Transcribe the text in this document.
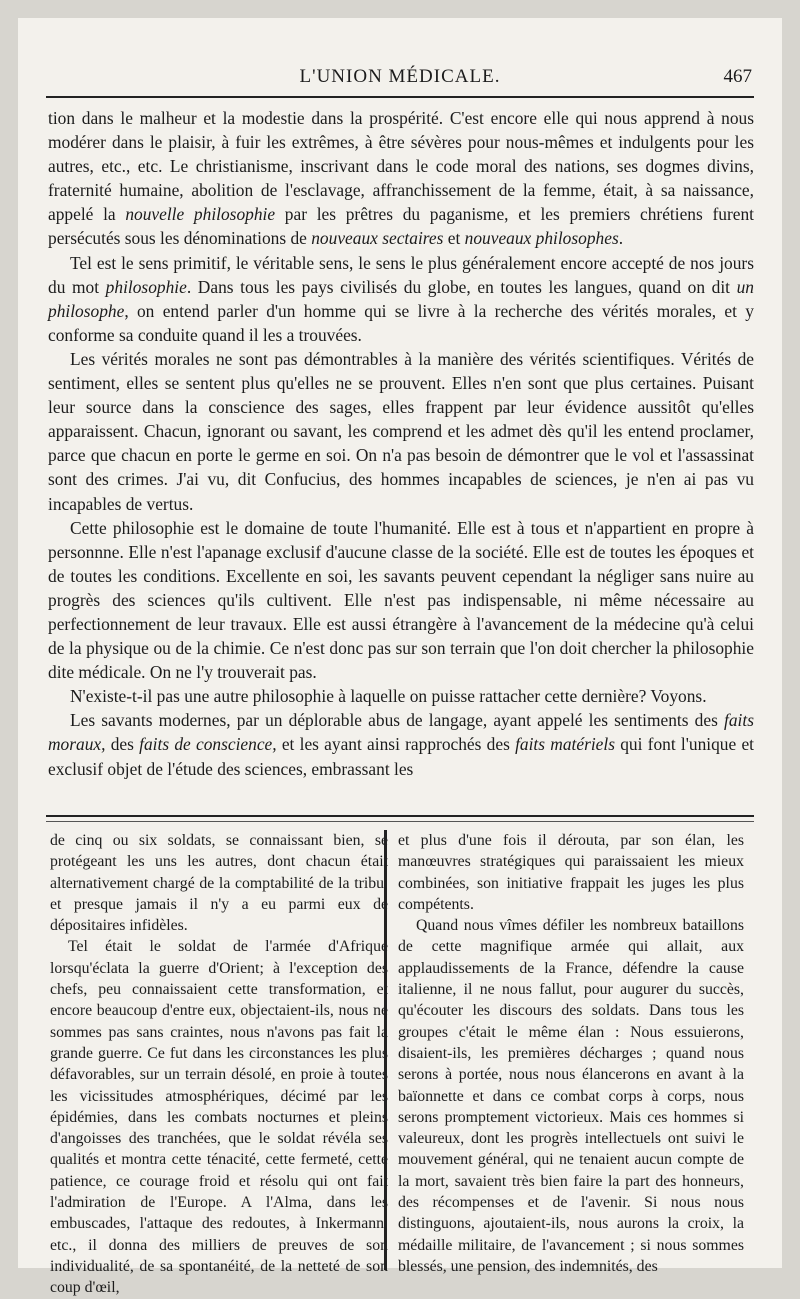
L'UNION MÉDICALE.	467

tion dans le malheur et la modestie dans la prospérité. C'est encore elle qui nous apprend à nous modérer dans le plaisir, à fuir les extrêmes, à être sévères pour nous-mêmes et indulgents pour les autres, etc., etc. Le christianisme, inscrivant dans le code moral des nations, ses dogmes divins, fraternité humaine, abolition de l'esclavage, affranchissement de la femme, était, à sa naissance, appelé la nouvelle philosophie par les prêtres du paganisme, et les premiers chrétiens furent persécutés sous les dénominations de nouveaux sectaires et nouveaux philosophes.

Tel est le sens primitif, le véritable sens, le sens le plus généralement encore accepté de nos jours du mot philosophie. Dans tous les pays civilisés du globe, en toutes les langues, quand on dit un philosophe, on entend parler d'un homme qui se livre à la recherche des vérités morales, et y conforme sa conduite quand il les a trouvées.

Les vérités morales ne sont pas démontrables à la manière des vérités scientifiques. Vérités de sentiment, elles se sentent plus qu'elles ne se prouvent. Elles n'en sont que plus certaines. Puisant leur source dans la conscience des sages, elles frappent par leur évidence aussitôt qu'elles apparaissent. Chacun, ignorant ou savant, les comprend et les admet dès qu'il les entend proclamer, parce que chacun en porte le germe en soi. On n'a pas besoin de démontrer que le vol et l'assassinat sont des crimes. J'ai vu, dit Confucius, des hommes incapables de sciences, je n'en ai pas vu incapables de vertus.

Cette philosophie est le domaine de toute l'humanité. Elle est à tous et n'appartient en propre à personnne. Elle n'est l'apanage exclusif d'aucune classe de la société. Elle est de toutes les époques et de toutes les conditions. Excellente en soi, les savants peuvent cependant la négliger sans nuire au progrès des sciences qu'ils cultivent. Elle n'est pas indispensable, ni même nécessaire au perfectionnement de leur travaux. Elle est aussi étrangère à l'avancement de la médecine qu'à celui de la physique ou de la chimie. Ce n'est donc pas sur son terrain que l'on doit chercher la philosophie dite médicale. On ne l'y trouverait pas.

N'existe-t-il pas une autre philosophie à laquelle on puisse rattacher cette dernière? Voyons.

Les savants modernes, par un déplorable abus de langage, ayant appelé les sentiments des faits moraux, des faits de conscience, et les ayant ainsi rapprochés des faits matériels qui font l'unique et exclusif objet de l'étude des sciences, embrassant les

de cinq ou six soldats, se connaissant bien, se protégeant les uns les autres, dont chacun était alternativement chargé de la comptabilité de la tribu, et presque jamais il n'y a eu parmi eux de dépositaires infidèles.

Tel était le soldat de l'armée d'Afrique lorsqu'éclata la guerre d'Orient; à l'exception des chefs, peu connaissaient cette transformation, et encore beaucoup d'entre eux, objectaient-ils, nous ne sommes pas sans craintes, nous n'avons pas fait la grande guerre. Ce fut dans les circonstances les plus défavorables, sur un terrain désolé, en proie à toutes les vicissitudes atmosphériques, décimé par les épidémies, dans les combats nocturnes et pleins d'angoisses des tranchées, que le soldat révéla ses qualités et montra cette ténacité, cette fermeté, cette patience, ce courage froid et résolu qui ont fait l'admiration de l'Europe. A l'Alma, dans les embuscades, l'attaque des redoutes, à Inkermann, etc., il donna des milliers de preuves de son individualité, de sa spontanéité, de la netteté de son coup d'œil,

et plus d'une fois il dérouta, par son élan, les manœuvres stratégiques qui paraissaient les mieux combinées, son initiative frappait les juges les plus compétents.

Quand nous vîmes défiler les nombreux bataillons de cette magnifique armée qui allait, aux applaudissements de la France, défendre la cause italienne, il ne nous fallut, pour augurer du succès, qu'écouter les discours des soldats. Dans tous les groupes c'était le même élan : Nous essuierons, disaient-ils, les premières décharges ; quand nous serons à portée, nous nous élancerons en avant à la baïonnette et dans ce combat corps à corps, nous serons promptement victorieux. Mais ces hommes si valeureux, dont les progrès intellectuels ont suivi le mouvement général, qui ne tenaient aucun compte de la mort, savaient très bien faire la part des honneurs, des récompenses et de l'avenir. Si nous nous distinguons, ajoutaient-ils, nous aurons la croix, la médaille militaire, de l'avancement ; si nous sommes blessés, une pension, des indemnités, des
